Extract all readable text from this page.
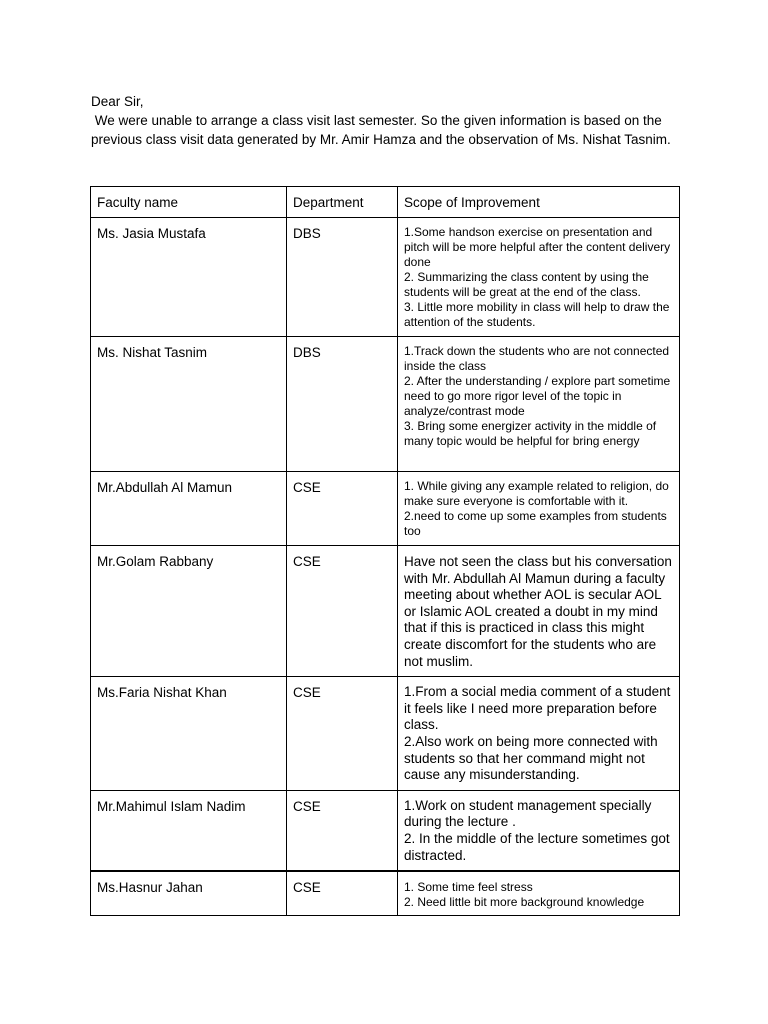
Dear Sir,

We were unable to arrange a class visit last semester. So the given information is based on the previous class visit data generated by Mr. Amir Hamza and the observation of Ms. Nishat Tasnim.

Faculty name	Department	Scope of Improvement
Ms. Jasia Mustafa	DBS	1.Some handson exercise on presentation and pitch will be more helpful after the content delivery done
2. Summarizing the class content by using the students will be great at the end of the class.
3. Little more mobility in class will help to draw the attention of the students.

Ms. Nishat Tasnim	DBS	1.Track down the students who are not connected inside the class
2. After the understanding / explore part sometime need to go more rigor level of the topic in analyze/contrast mode
3. Bring some energizer activity in the middle of many topic would be helpful for bring energy

Mr.Abdullah Al Mamun	CSE	1. While giving any example related to religion, do make sure everyone is comfortable with it.
2.need to come up some examples from students too

Mr.Golam Rabbany	CSE	Have not seen the class but his conversation with Mr. Abdullah Al Mamun during a faculty meeting about whether AOL is secular AOL or Islamic AOL created a doubt in my mind that if this is practiced in class this might create discomfort for the students who are not muslim.

Ms.Faria Nishat Khan	CSE	1.From a social media comment of a student it feels like I need more preparation before class.
2.Also work on being more connected with students so that her command might not cause any misunderstanding.

Mr.Mahimul Islam Nadim	CSE	1.Work on student management specially during the lecture .
2. In the middle of the lecture sometimes got distracted.

Ms.Hasnur Jahan	CSE	1. Some time feel stress
2. Need little bit more background knowledge
